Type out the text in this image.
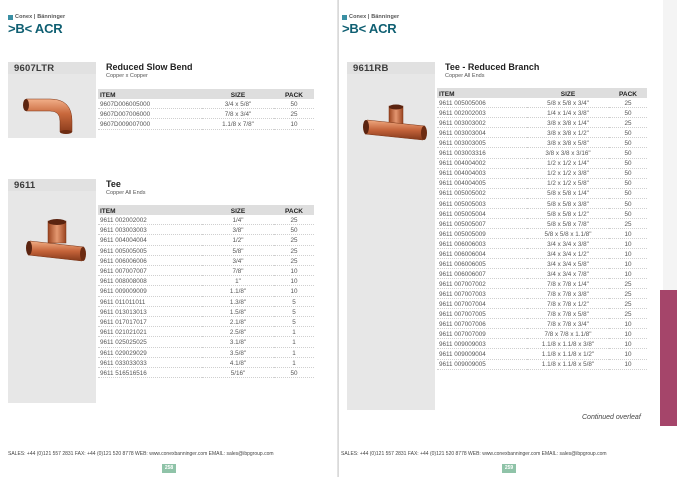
Conex | Bänninger
>B< ACR
9607LTR	Reduced Slow Bend
Copper x Copper
ITEM	SIZE	PACK
9607D006005000	3/4 x 5/8"	50
9607D007006000	7/8 x 3/4"	25
9607D009007000	1.1/8 x 7/8"	10
9611	Tee
Copper All Ends
ITEM	SIZE	PACK
9611 002002002	1/4"	25
9611 003003003	3/8"	50
9611 004004004	1/2"	25
9611 005005005	5/8"	25
9611 006006006	3/4"	25
9611 007007007	7/8"	10
9611 008008008	1"	10
9611 009009009	1.1/8"	10
9611 011011011	1.3/8"	5
9611 013013013	1.5/8"	5
9611 017017017	2.1/8"	5
9611 021021021	2.5/8"	1
9611 025025025	3.1/8"	1
9611 029029029	3.5/8"	1
9611 033033033	4.1/8"	1
9611 516516516	5/16"	50
SALES: +44 (0)121 557 2831 FAX: +44 (0)121 520 8778 WEB: www.conexbanninger.com EMAIL: sales@ibpgroup.com
258
Conex | Bänninger
>B< ACR
9611RB	Tee - Reduced Branch
Copper All Ends
ITEM	SIZE	PACK
9611 005005006	5/8 x 5/8 x 3/4"	25
9611 002002003	1/4 x 1/4 x 3/8"	50
9611 003003002	3/8 x 3/8 x 1/4"	25
9611 003003004	3/8 x 3/8 x 1/2"	50
9611 003003005	3/8 x 3/8 x 5/8"	50
9611 003003316	3/8 x 3/8 x 3/16"	50
9611 004004002	1/2 x 1/2 x 1/4"	50
9611 004004003	1/2 x 1/2 x 3/8"	50
9611 004004005	1/2 x 1/2 x 5/8"	50
9611 005005002	5/8 x 5/8 x 1/4"	50
9611 005005003	5/8 x 5/8 x 3/8"	50
9611 005005004	5/8 x 5/8 x 1/2"	50
9611 005005007	5/8 x 5/8 x 7/8"	25
9611 005005009	5/8 x 5/8 x 1.1/8"	10
9611 006006003	3/4 x 3/4 x 3/8"	10
9611 006006004	3/4 x 3/4 x 1/2"	10
9611 006006005	3/4 x 3/4 x 5/8"	10
9611 006006007	3/4 x 3/4 x 7/8"	10
9611 007007002	7/8 x 7/8 x 1/4"	25
9611 007007003	7/8 x 7/8 x 3/8"	25
9611 007007004	7/8 x 7/8 x 1/2"	25
9611 007007005	7/8 x 7/8 x 5/8"	25
9611 007007006	7/8 x 7/8 x 3/4"	10
9611 007007009	7/8 x 7/8 x 1.1/8"	10
9611 009009003	1.1/8 x 1.1/8 x 3/8"	10
9611 009009004	1.1/8 x 1.1/8 x 1/2"	10
9611 009009005	1.1/8 x 1.1/8 x 5/8"	10
Continued overleaf
SALES: +44 (0)121 557 2831 FAX: +44 (0)121 520 8778 WEB: www.conexbanninger.com EMAIL: sales@ibpgroup.com
259
